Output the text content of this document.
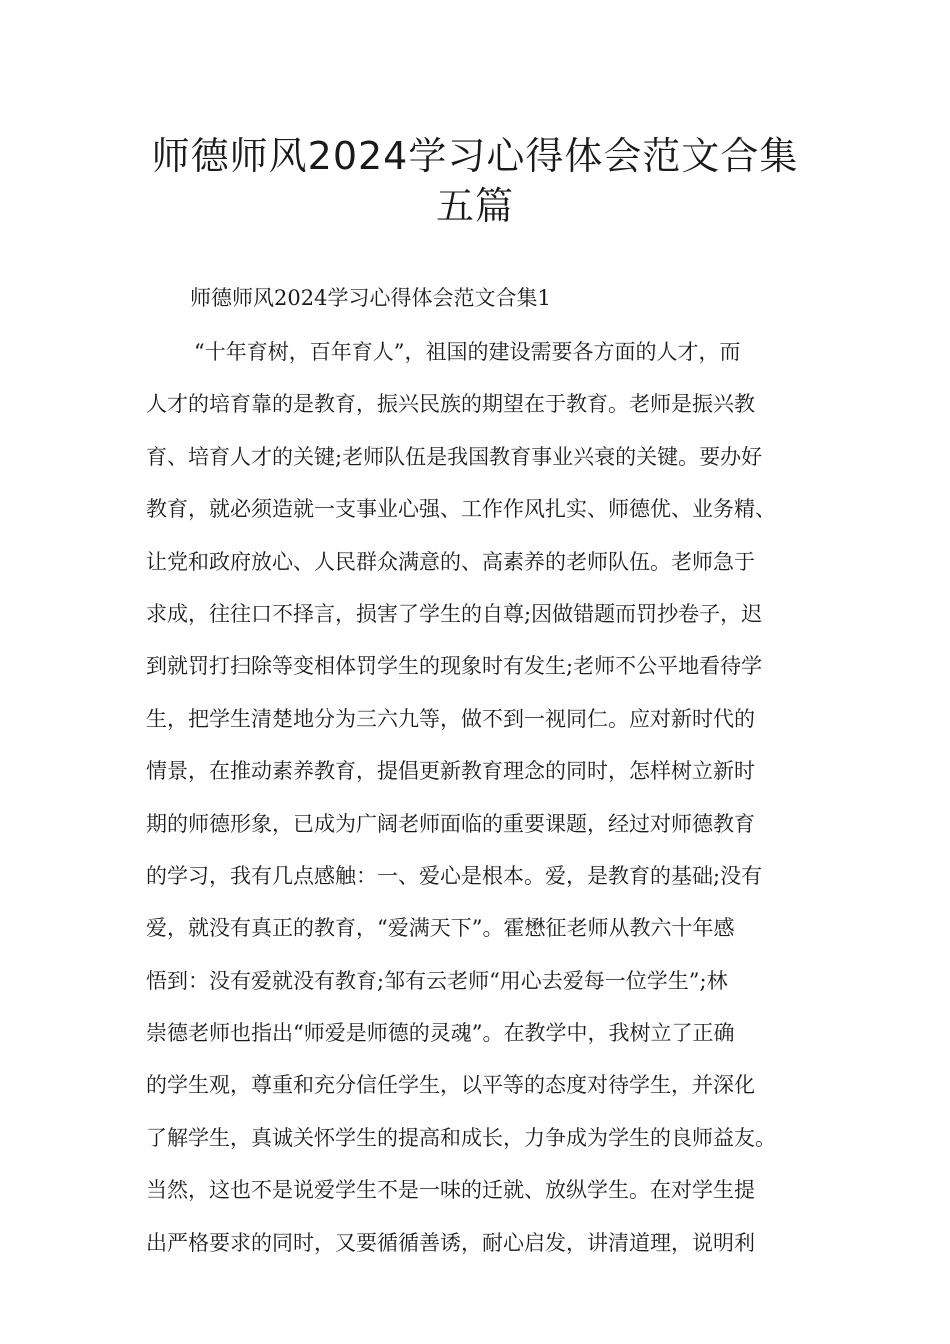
师德师风2024学习心得体会范文合集
五篇
师德师风2024学习心得体会范文合集1
“十年育树，百年育人”，祖国的建设需要各方面的人才，而
人才的培育靠的是教育，振兴民族的期望在于教育。老师是振兴教
育、培育人才的关键;老师队伍是我国教育事业兴衰的关键。要办好
教育，就必须造就一支事业心强、工作作风扎实、师德优、业务精、
让党和政府放心、人民群众满意的、高素养的老师队伍。老师急于
求成，往往口不择言，损害了学生的自尊;因做错题而罚抄卷子，迟
到就罚打扫除等变相体罚学生的现象时有发生;老师不公平地看待学
生，把学生清楚地分为三六九等，做不到一视同仁。应对新时代的
情景，在推动素养教育，提倡更新教育理念的同时，怎样树立新时
期的师德形象，已成为广阔老师面临的重要课题，经过对师德教育
的学习，我有几点感触：一、爱心是根本。爱，是教育的基础;没有
爱，就没有真正的教育，“爱满天下”。霍懋征老师从教六十年感
悟到：没有爱就没有教育;邹有云老师“用心去爱每一位学生”;林
崇德老师也指出“师爱是师德的灵魂”。在教学中，我树立了正确
的学生观，尊重和充分信任学生，以平等的态度对待学生，并深化
了解学生，真诚关怀学生的提高和成长，力争成为学生的良师益友。
当然，这也不是说爱学生不是一味的迁就、放纵学生。在对学生提
出严格要求的同时，又要循循善诱，耐心启发，讲清道理，说明利
